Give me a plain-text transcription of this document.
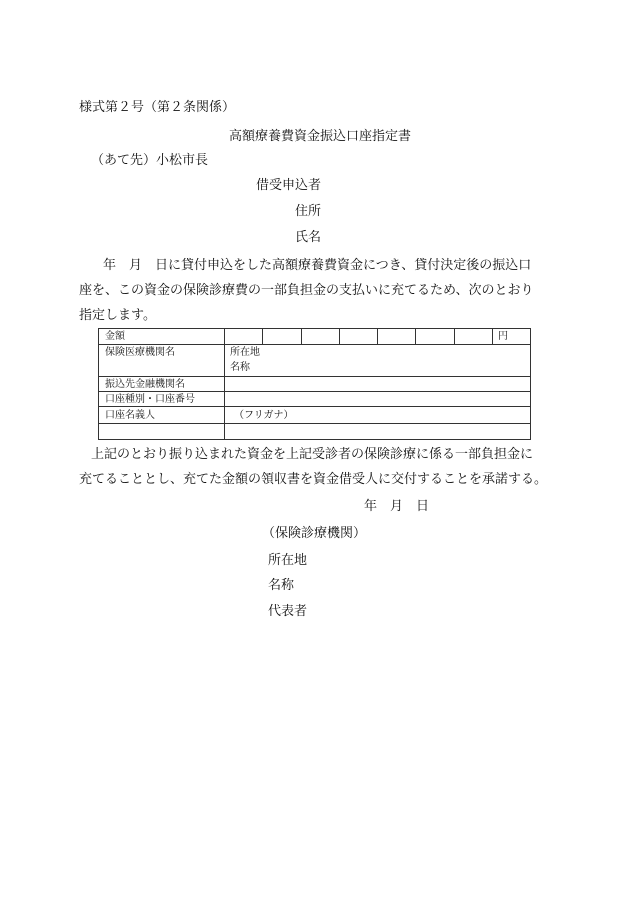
様式第２号（第２条関係）
高額療養費資金振込口座指定書
（あて先）小松市長
借受申込者
住所
氏名
年　月　日に貸付申込をした高額療養費資金につき、貸付決定後の振込口
座を、この資金の保険診療費の一部負担金の支払いに充てるため、次のとおり
指定します。
金額	円
保険医療機関名	所在地
名称
振込先金融機関名
口座種別・口座番号
口座名義人	（フリガナ）
上記のとおり振り込まれた資金を上記受診者の保険診療に係る一部負担金に
充てることとし、充てた金額の領収書を資金借受人に交付することを承諾する。
年　月　日
（保険診療機関）
所在地
名称
代表者
